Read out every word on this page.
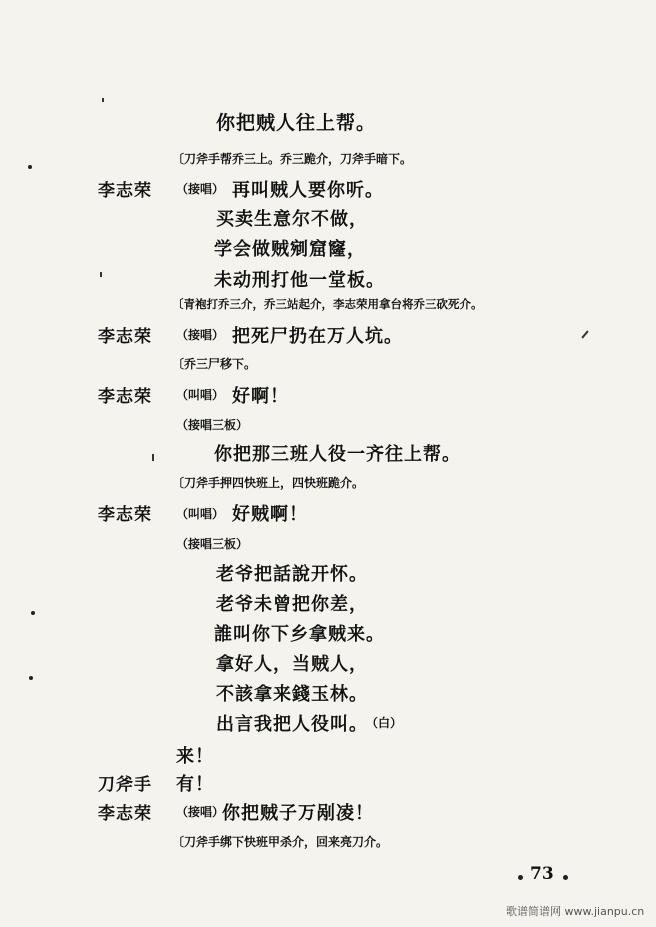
你把贼人往上帮。
〔刀斧手帮乔三上。乔三跪介，刀斧手暗下。
李志荣 （接唱） 再叫贼人要你听。
买卖生意尔不做，
学会做贼剜窟窿，
未动刑打他一堂板。
〔青袍打乔三介，乔三站起介，李志荣用拿台将乔三砍死介。
李志荣 （接唱） 把死尸扔在万人坑。
〔乔三尸移下。
李志荣 （叫唱） 好啊！
（接唱三板）
你把那三班人役一齐往上帮。
〔刀斧手押四快班上，四快班跪介。
李志荣 （叫唱） 好贼啊！
（接唱三板）
老爷把話說开怀。
老爷未曾把你差，
誰叫你下乡拿贼来。
拿好人，当贼人，
不該拿来錢玉林。
出言我把人役叫。
（白）
来！
刀斧手 有！
李志荣 （接唱）
你把贼子万剐凌！
〔刀斧手绑下快班甲杀介，回来亮刀介。
73
歌谱简谱网 www.jianpu.cn
